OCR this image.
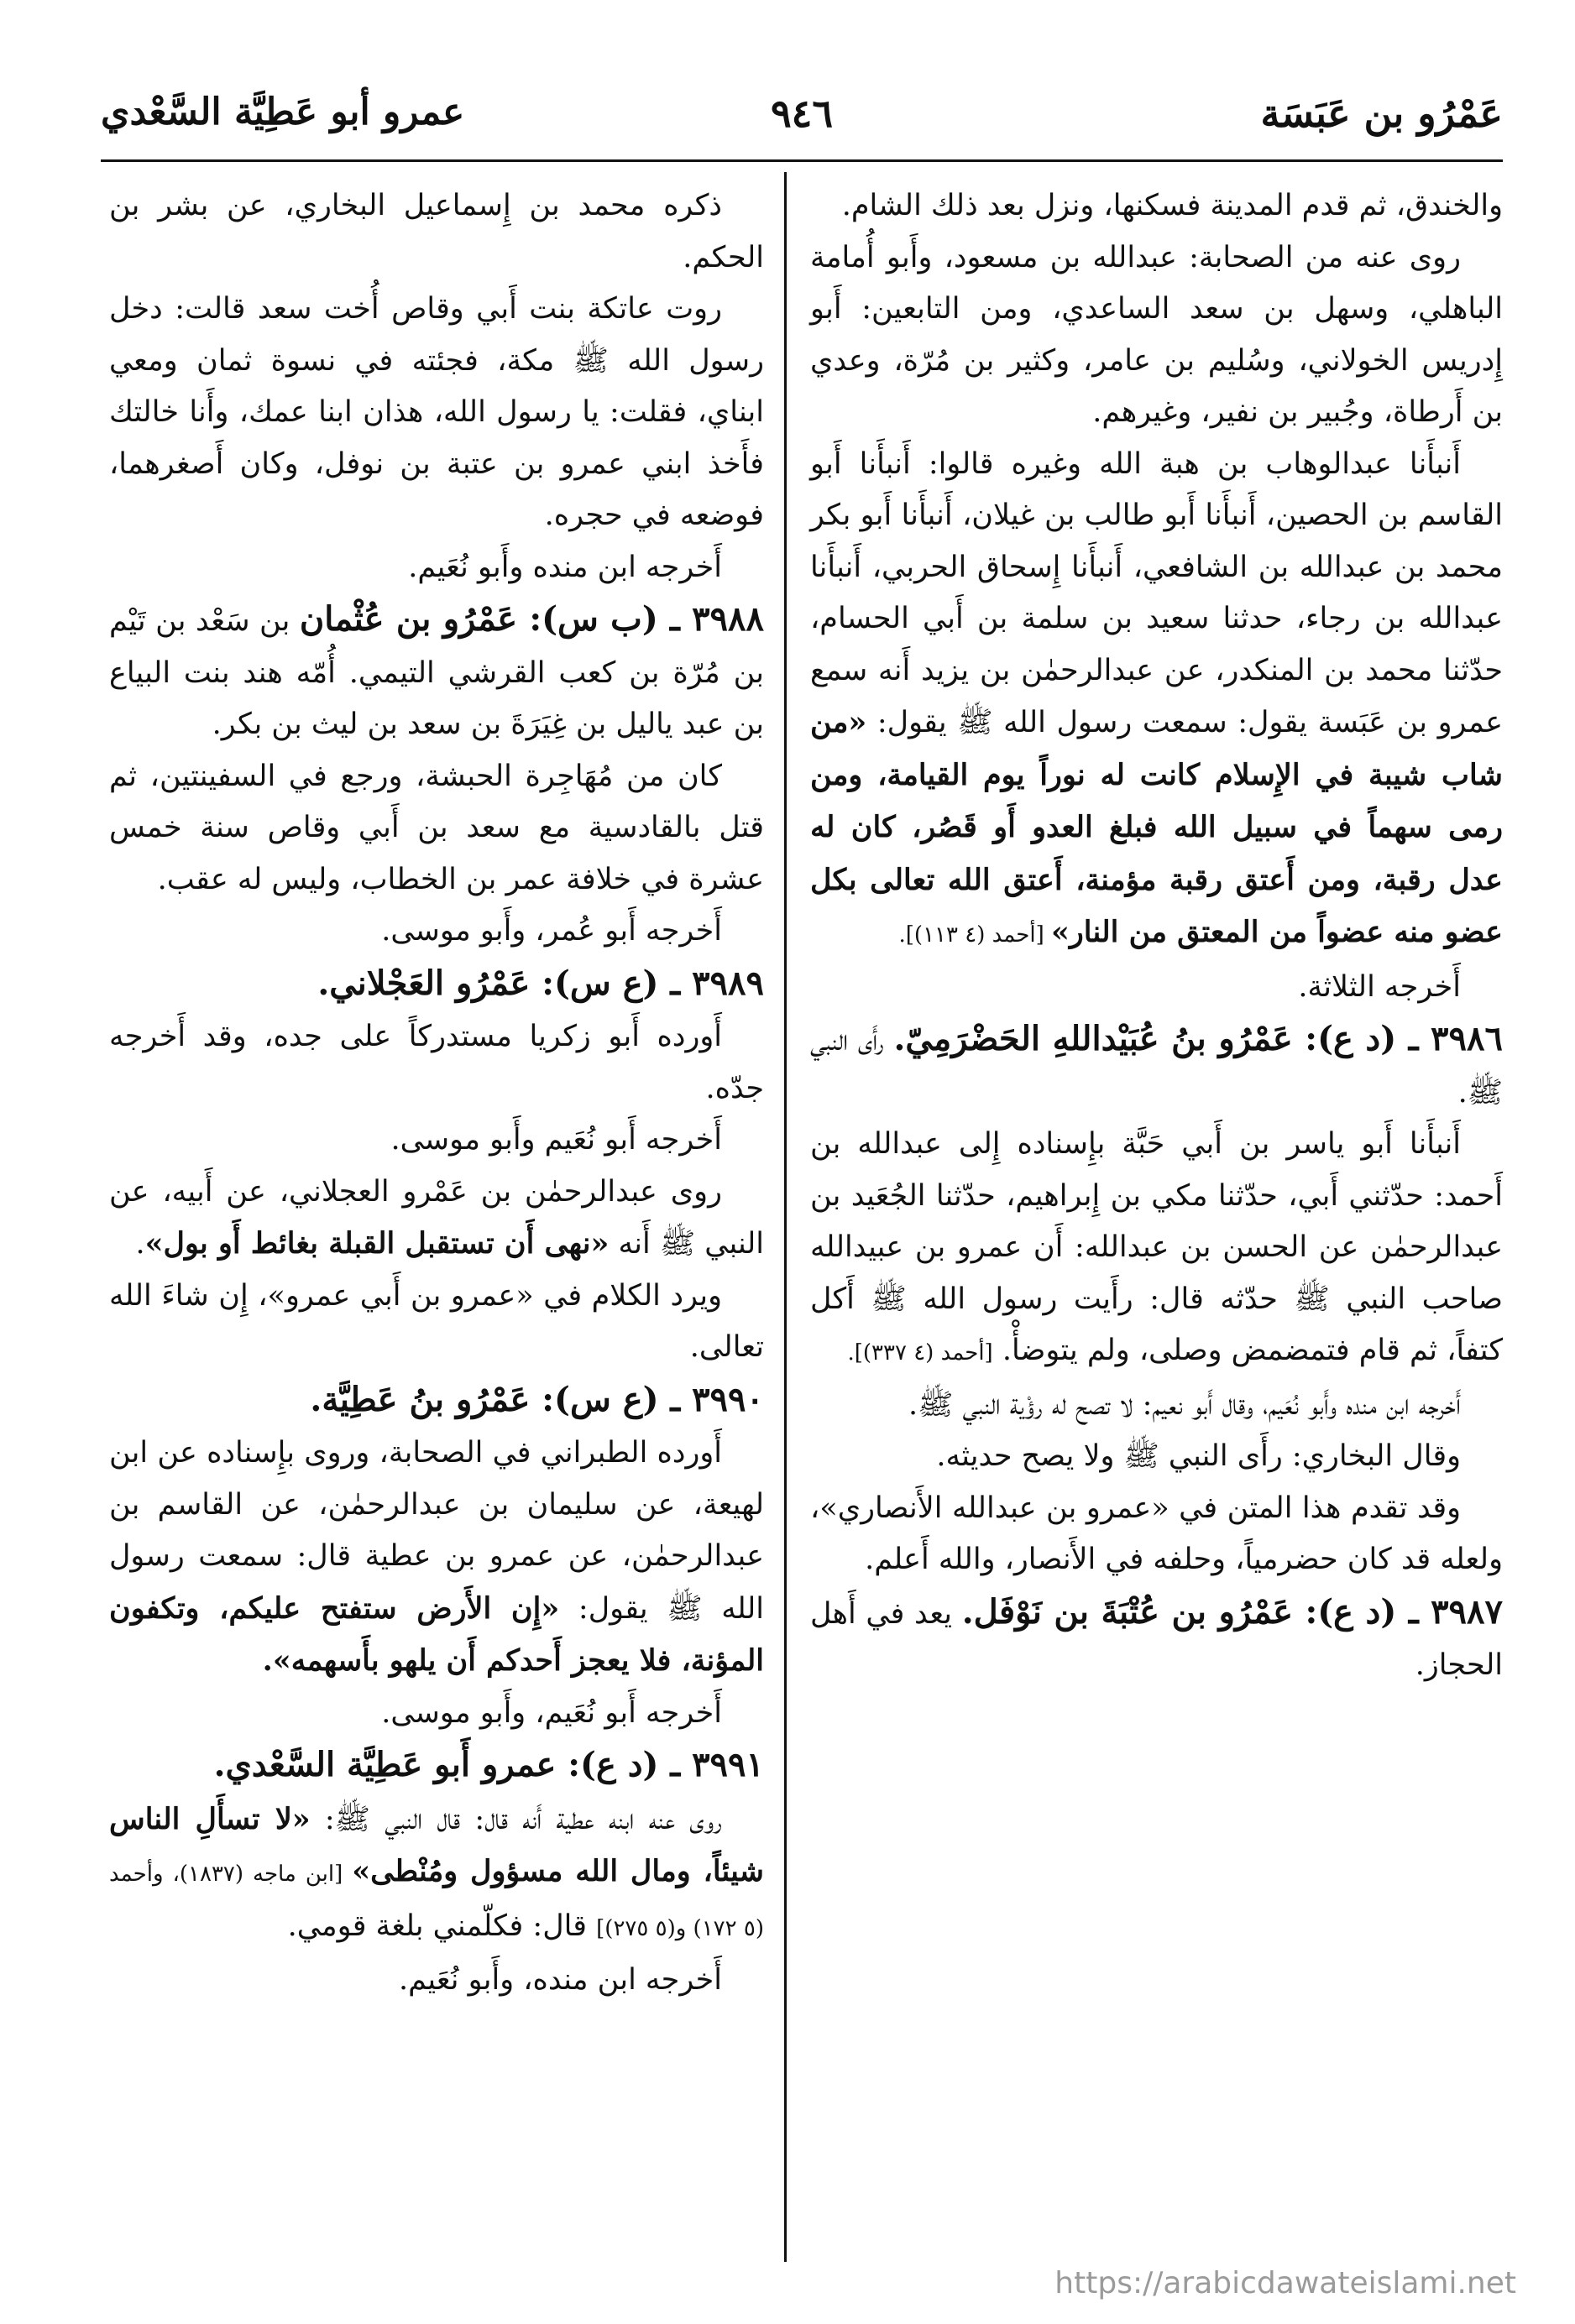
عَمْرُو بن عَبَسَة
٩٤٦
عمرو أبو عَطِيَّة السَّعْدي

والخندق، ثم قدم المدينة فسكنها، ونزل بعد ذلك الشام.

روى عنه من الصحابة: عبدالله بن مسعود، وأَبو أُمامة الباهلي، وسهل بن سعد الساعدي، ومن التابعين: أَبو إِدريس الخولاني، وسُليم بن عامر، وكثير بن مُرّة، وعدي بن أَرطاة، وجُبير بن نفير، وغيرهم.

أَنبأَنا عبدالوهاب بن هبة الله وغيره قالوا: أَنبأَنا أَبو القاسم بن الحصين، أَنبأَنا أَبو طالب بن غيلان، أَنبأَنا أَبو بكر محمد بن عبدالله بن الشافعي، أَنبأَنا إِسحاق الحربي، أَنبأَنا عبدالله بن رجاء، حدثنا سعيد بن سلمة بن أَبي الحسام، حدّثنا محمد بن المنكدر، عن عبدالرحمٰن بن يزيد أَنه سمع عمرو بن عَبَسة يقول: سمعت رسول الله ﷺ يقول: «من شاب شيبة في الإِسلام كانت له نوراً يوم القيامة، ومن رمى سهماً في سبيل الله فبلغ العدو أَو قَصُر، كان له عدل رقبة، ومن أَعتق رقبة مؤمنة، أَعتق الله تعالى بكل عضو منه عضواً من المعتق من النار» [أحمد (٤ ١١٣)].

أَخرجه الثلاثة.

٣٩٨٦ ـ (د ع): عَمْرُو بنُ عُبَيْداللهِ الحَضْرَمِيّ. رأَى النبي ﷺ.

أَنبأَنا أَبو ياسر بن أَبي حَبَّة بإِسناده إِلى عبدالله بن أَحمد: حدّثني أَبي، حدّثنا مكي بن إِبراهيم، حدّثنا الجُعَيد بن عبدالرحمٰن عن الحسن بن عبدالله: أَن عمرو بن عبيدالله صاحب النبي ﷺ حدّثه قال: رأَيت رسول الله ﷺ أَكل كتفاً، ثم قام فتمضمض وصلى، ولم يتوضأْ. [أحمد (٤ ٣٣٧)].

أَخرجه ابن منده وأَبو نُعَيم، وقال أَبو نعيم: لا تصح له رؤْية النبي ﷺ.

وقال البخاري: رأَى النبي ﷺ ولا يصح حديثه.

وقد تقدم هذا المتن في «عمرو بن عبدالله الأَنصاري»، ولعله قد كان حضرمياً، وحلفه في الأَنصار، والله أَعلم.

٣٩٨٧ ـ (د ع): عَمْرُو بن عُتْبَةَ بن نَوْفَل. يعد في أَهل الحجاز.

ذكره محمد بن إِسماعيل البخاري، عن بشر بن الحكم.

روت عاتكة بنت أَبي وقاص أُخت سعد قالت: دخل رسول الله ﷺ مكة، فجئته في نسوة ثمان ومعي ابناي، فقلت: يا رسول الله، هذان ابنا عمك، وأَنا خالتك فأَخذ ابني عمرو بن عتبة بن نوفل، وكان أَصغرهما، فوضعه في حجره.

أَخرجه ابن منده وأَبو نُعَيم.

٣٩٨٨ ـ (ب س): عَمْرُو بن عُثْمان بن سَعْد بن تَيْم بن مُرّة بن كعب القرشي التيمي. أُمّه هند بنت البياع بن عبد ياليل بن غِيَرَةَ بن سعد بن ليث بن بكر.

كان من مُهَاجِرة الحبشة، ورجع في السفينتين، ثم قتل بالقادسية مع سعد بن أَبي وقاص سنة خمس عشرة في خلافة عمر بن الخطاب، وليس له عقب.

أَخرجه أَبو عُمر، وأَبو موسى.

٣٩٨٩ ـ (ع س): عَمْرُو العَجْلاني.

أَورده أَبو زكريا مستدركاً على جده، وقد أَخرجه جدّه.

أَخرجه أَبو نُعَيم وأَبو موسى.

روى عبدالرحمٰن بن عَمْرو العجلاني، عن أَبيه، عن النبي ﷺ أَنه «نهى أَن تستقبل القبلة بغائط أَو بول».

ويرد الكلام في «عمرو بن أَبي عمرو»، إِن شاءَ الله تعالى.

٣٩٩٠ ـ (ع س): عَمْرُو بنُ عَطِيَّة.

أَورده الطبراني في الصحابة، وروى بإِسناده عن ابن لهيعة، عن سليمان بن عبدالرحمٰن، عن القاسم بن عبدالرحمٰن، عن عمرو بن عطية قال: سمعت رسول الله ﷺ يقول: «إِن الأَرض ستفتح عليكم، وتكفون المؤنة، فلا يعجز أَحدكم أَن يلهو بأَسهمه».

أَخرجه أَبو نُعَيم، وأَبو موسى.

٣٩٩١ ـ (د ع): عمرو أَبو عَطِيَّة السَّعْدي.

روى عنه ابنه عطية أَنه قال: قال النبي ﷺ: «لا تسأَلِ الناس شيئاً، ومال الله مسؤول ومُنْطى» [ابن ماجه (١٨٣٧)، وأحمد (٥ ١٧٢) و(٥ ٢٧٥)] قال: فكلّمني بلغة قومي.

أَخرجه ابن منده، وأَبو نُعَيم.

https://arabicdawateislami.net
